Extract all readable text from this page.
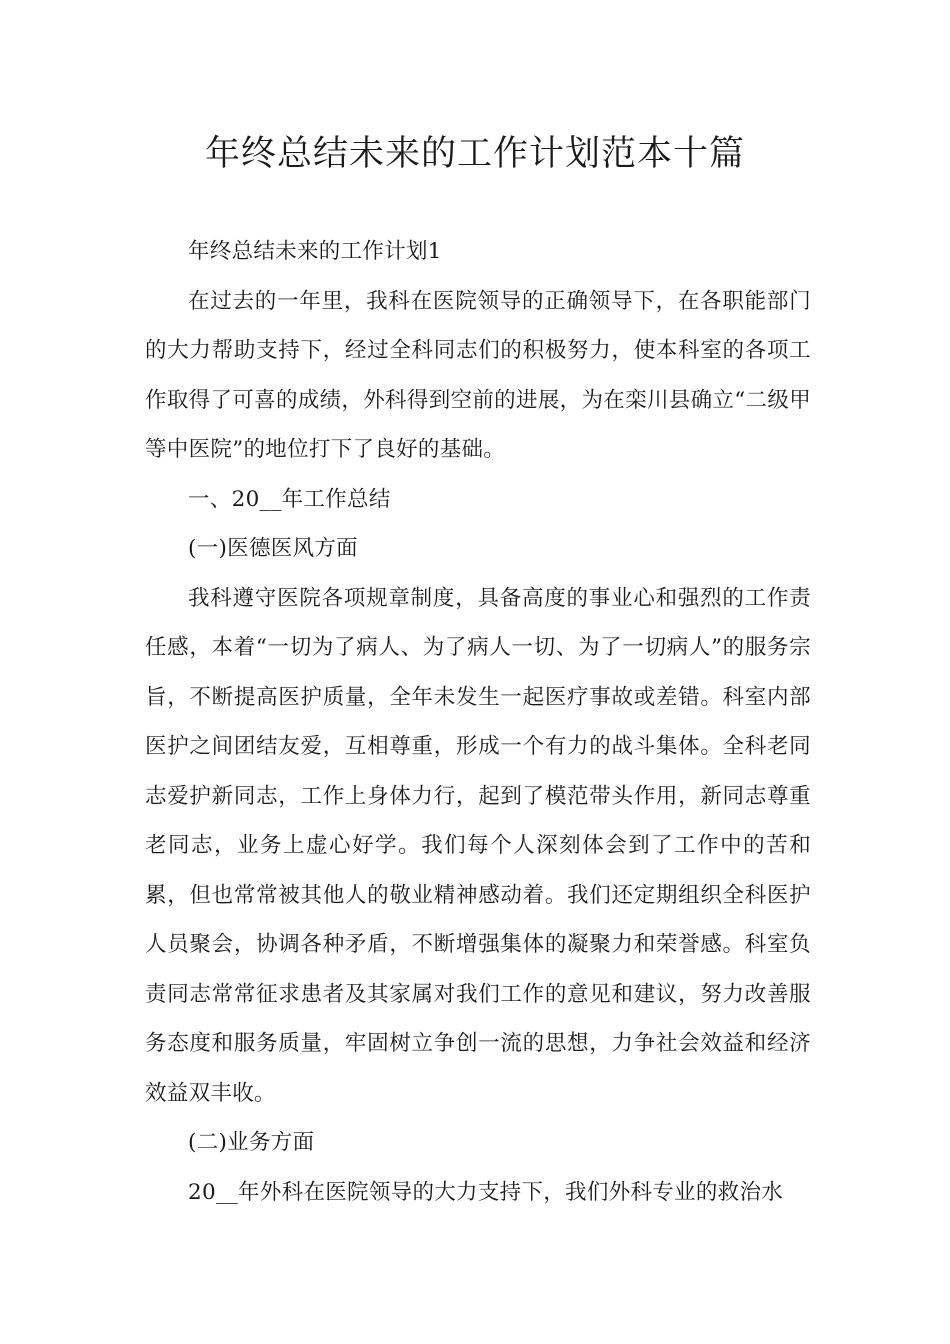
年终总结未来的工作计划范本十篇

年终总结未来的工作计划1

在过去的一年里，我科在医院领导的正确领导下，在各职能部门的大力帮助支持下，经过全科同志们的积极努力，使本科室的各项工作取得了可喜的成绩，外科得到空前的进展，为在栾川县确立“二级甲等中医院”的地位打下了良好的基础。

一、20__年工作总结

(一)医德医风方面

我科遵守医院各项规章制度，具备高度的事业心和强烈的工作责任感，本着“一切为了病人、为了病人一切、为了一切病人”的服务宗旨，不断提高医护质量，全年未发生一起医疗事故或差错。科室内部医护之间团结友爱，互相尊重，形成一个有力的战斗集体。全科老同志爱护新同志，工作上身体力行，起到了模范带头作用，新同志尊重老同志，业务上虚心好学。我们每个人深刻体会到了工作中的苦和累，但也常常被其他人的敬业精神感动着。我们还定期组织全科医护人员聚会，协调各种矛盾，不断增强集体的凝聚力和荣誉感。科室负责同志常常征求患者及其家属对我们工作的意见和建议，努力改善服务态度和服务质量，牢固树立争创一流的思想，力争社会效益和经济效益双丰收。

(二)业务方面

20__年外科在医院领导的大力支持下，我们外科专业的救治水
